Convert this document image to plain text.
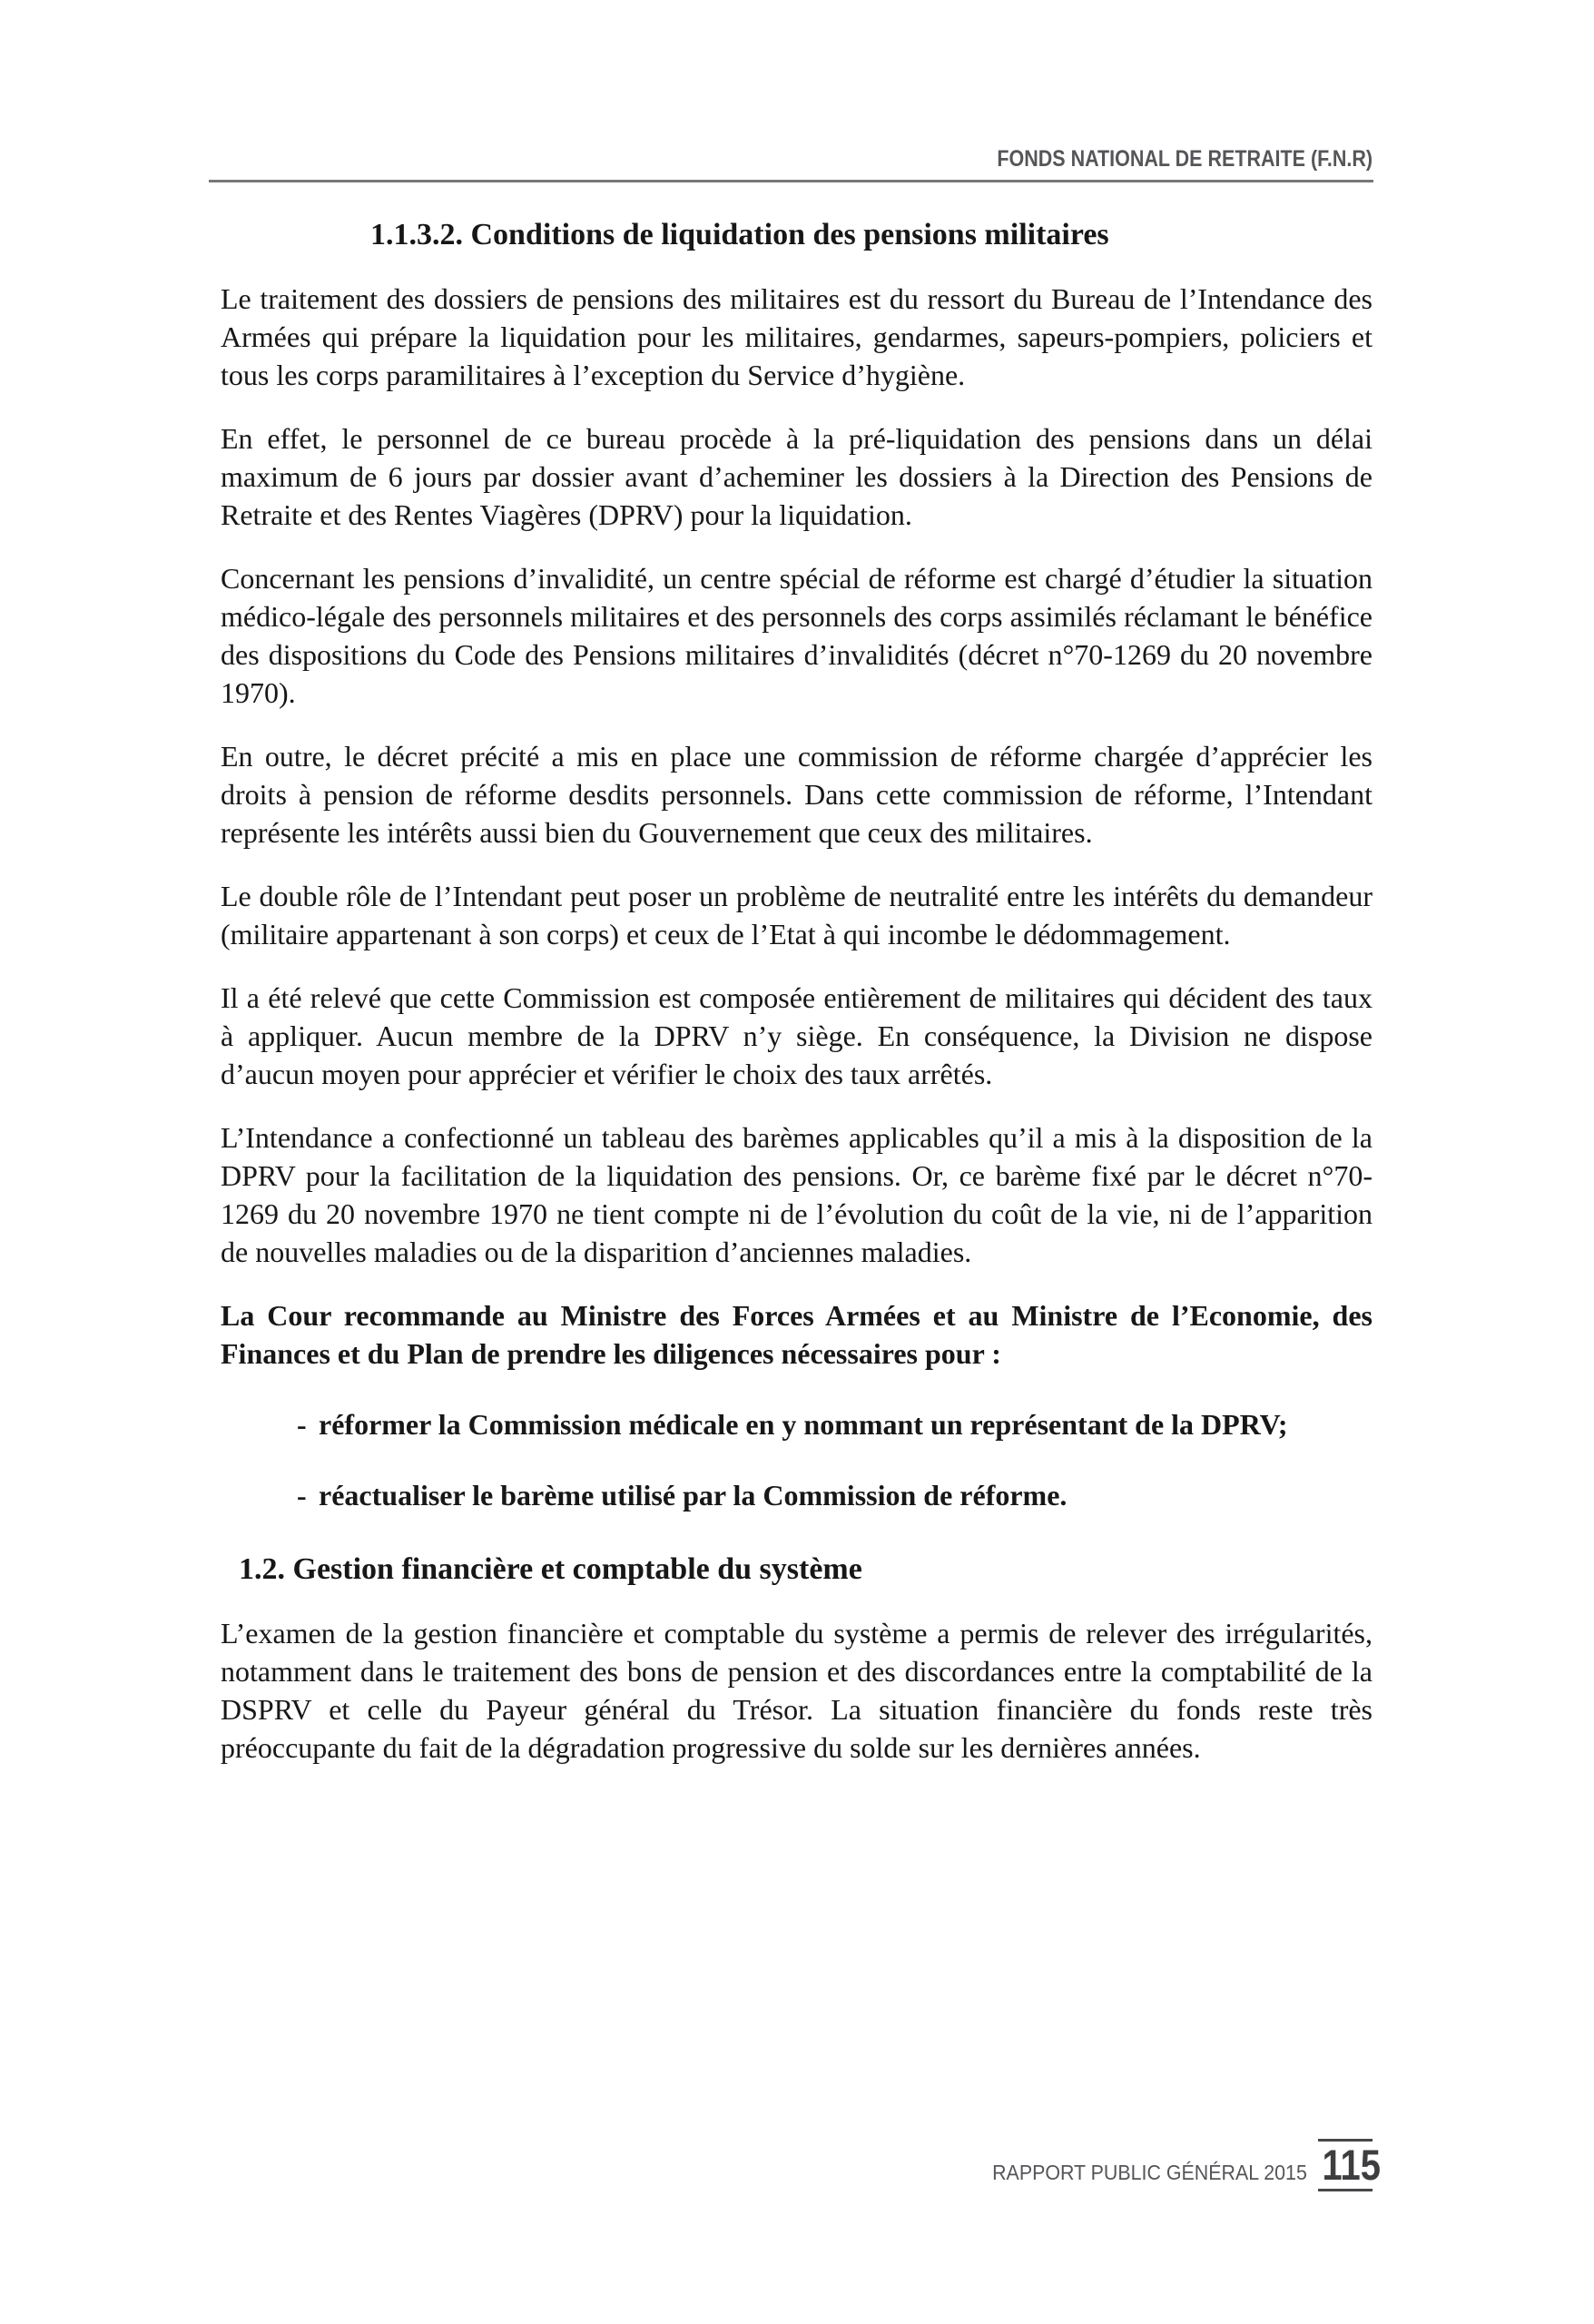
FONDS NATIONAL DE RETRAITE (F.N.R)
1.1.3.2. Conditions de liquidation des pensions militaires

Le traitement des dossiers de pensions des militaires est du ressort du Bureau de l’Intendance des Armées qui prépare la liquidation pour les militaires, gendarmes, sapeurs-pompiers, policiers et tous les corps paramilitaires à l’exception du Service d’hygiène.

En effet, le personnel de ce bureau procède à la pré-liquidation des pensions dans un délai maximum de 6 jours par dossier avant d’acheminer les dossiers à la Direction des Pensions de Retraite et des Rentes Viagères (DPRV) pour la liquidation.

Concernant les pensions d’invalidité, un centre spécial de réforme est chargé d’étudier la situation médico-légale des personnels militaires et des personnels des corps assimilés réclamant le bénéfice des dispositions du Code des Pensions militaires d’invalidités (décret n°70-1269 du 20 novembre 1970).

En outre, le décret précité a mis en place une commission de réforme chargée d’apprécier les droits à pension de réforme desdits personnels. Dans cette commission de réforme, l’Intendant représente les intérêts aussi bien du Gouvernement que ceux des militaires.

Le double rôle de l’Intendant peut poser un problème de neutralité entre les intérêts du demandeur (militaire appartenant à son corps) et ceux de l’Etat à qui incombe le dédommagement.

Il a été relevé que cette Commission est composée entièrement de militaires qui décident des taux à appliquer. Aucun membre de la DPRV n’y siège. En conséquence, la Division ne dispose d’aucun moyen pour apprécier et vérifier le choix des taux arrêtés.

L’Intendance a confectionné un tableau des barèmes applicables qu’il a mis à la disposition de la DPRV pour la facilitation de la liquidation des pensions. Or, ce barème fixé par le décret n°70-1269 du 20 novembre 1970 ne tient compte ni de l’évolution du coût de la vie, ni de l’apparition de nouvelles maladies ou de la disparition d’anciennes maladies.

La Cour recommande au Ministre des Forces Armées et au Ministre de l’Economie, des Finances et du Plan de prendre les diligences nécessaires pour :

- réformer la Commission médicale en y nommant un représentant de la DPRV;
- réactualiser le barème utilisé par la Commission de réforme.
1.2. Gestion financière et comptable du système

L’examen de la gestion financière et comptable du système a permis de relever des irrégularités, notamment dans le traitement des bons de pension et des discordances entre la comptabilité de la DSPRV et celle du Payeur général du Trésor. La situation financière du fonds reste très préoccupante du fait de la dégradation progressive du solde sur les dernières années.

RAPPORT PUBLIC GÉNÉRAL 2015 115
